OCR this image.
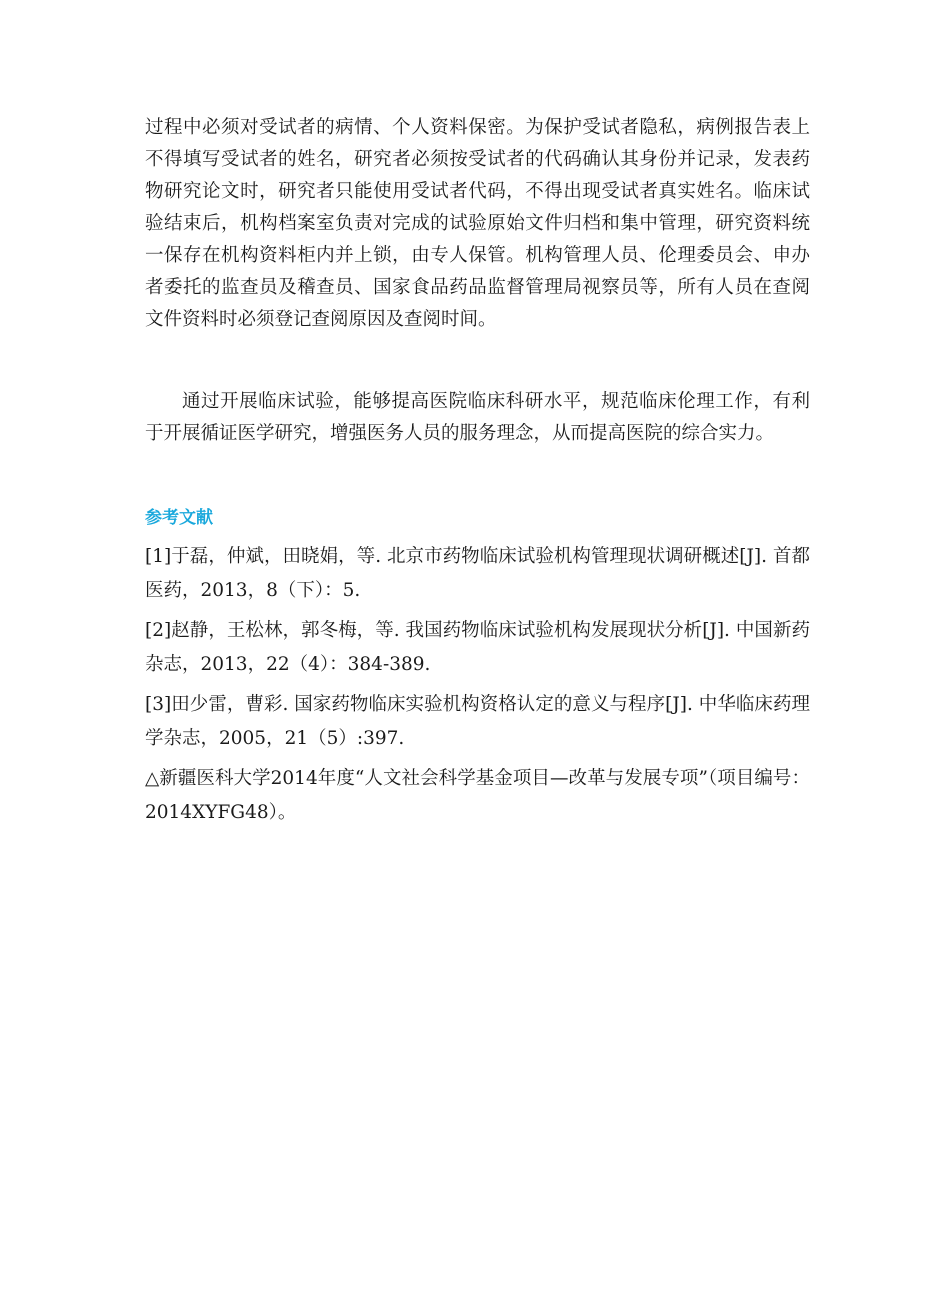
过程中必须对受试者的病情、个人资料保密。为保护受试者隐私，病例报告表上不得填写受试者的姓名，研究者必须按受试者的代码确认其身份并记录，发表药物研究论文时，研究者只能使用受试者代码，不得出现受试者真实姓名。临床试验结束后，机构档案室负责对完成的试验原始文件归档和集中管理，研究资料统一保存在机构资料柜内并上锁，由专人保管。机构管理人员、伦理委员会、申办者委托的监查员及稽查员、国家食品药品监督管理局视察员等，所有人员在查阅文件资料时必须登记查阅原因及查阅时间。

通过开展临床试验，能够提高医院临床科研水平，规范临床伦理工作，有利于开展循证医学研究，增强医务人员的服务理念，从而提高医院的综合实力。

参考文献
[1]于磊，仲斌，田晓娟，等. 北京市药物临床试验机构管理现状调研概述[J]. 首都医药，2013，8（下）：5.
[2]赵静，王松林，郭冬梅，等. 我国药物临床试验机构发展现状分析[J]. 中国新药杂志，2013，22（4）：384-389.
[3]田少雷，曹彩. 国家药物临床实验机构资格认定的意义与程序[J]. 中华临床药理学杂志，2005，21（5）:397.
△新疆医科大学2014年度“人文社会科学基金项目—改革与发展专项”（项目编号：2014XYFG48）。
